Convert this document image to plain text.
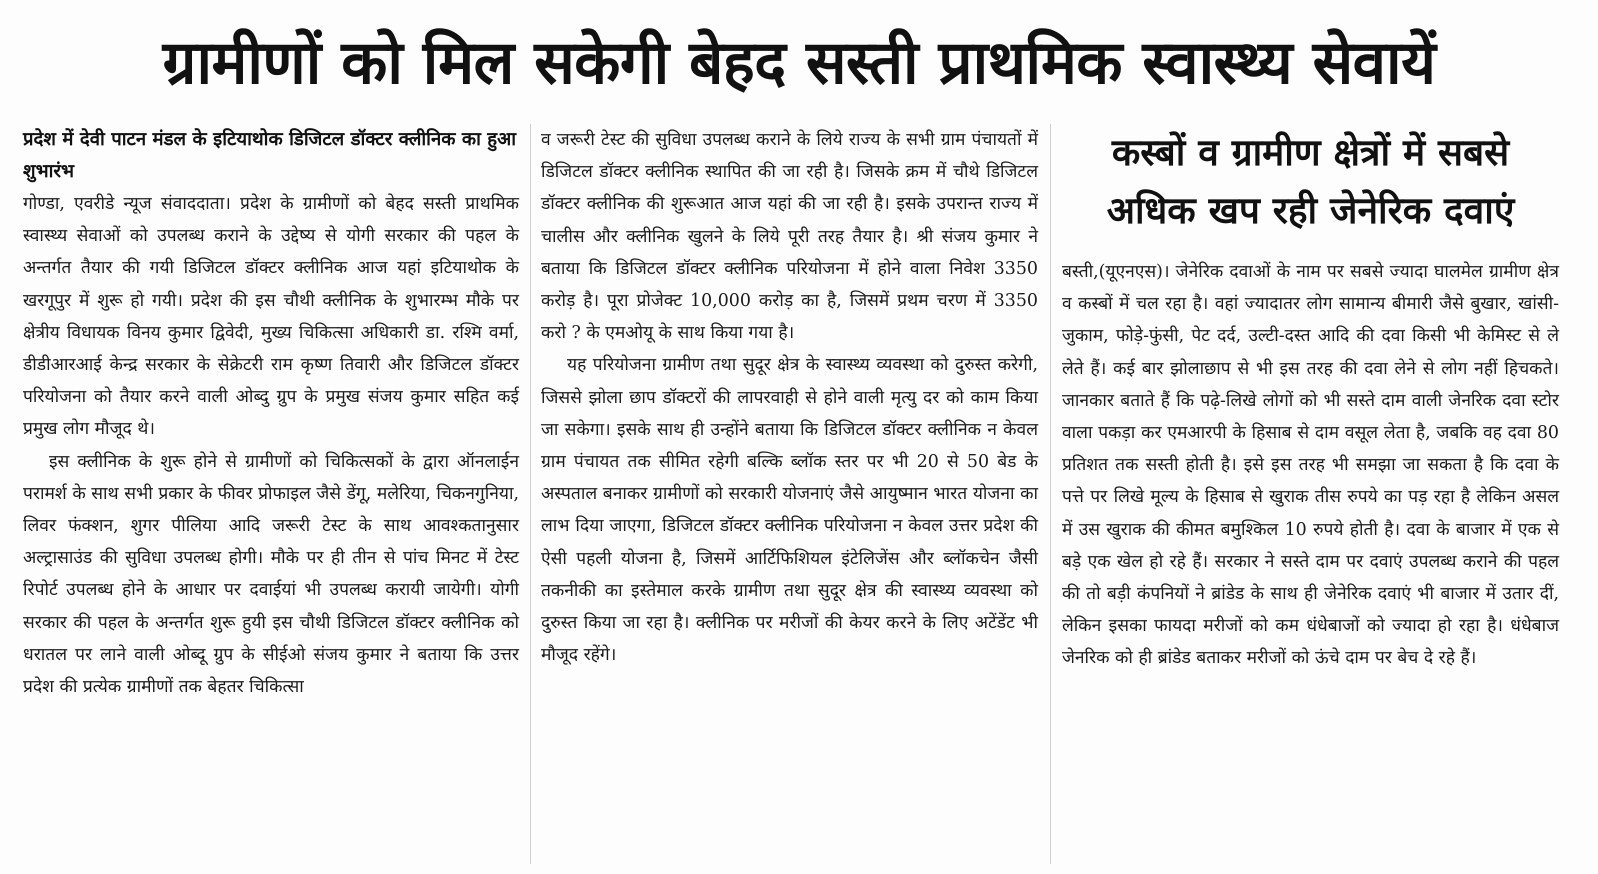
ग्रामीणों को मिल सकेगी बेहद सस्ती प्राथमिक स्वास्थ्य सेवायें
प्रदेश में देवी पाटन मंडल के इटियाथोक डिजिटल डॉक्टर क्लीनिक का हुआ शुभारंभ

गोण्डा, एवरीडे न्यूज संवाददाता। प्रदेश के ग्रामीणों को बेहद सस्ती प्राथमिक स्वास्थ्य सेवाओं को उपलब्ध कराने के उद्देष्य से योगी सरकार की पहल के अन्तर्गत तैयार की गयी डिजिटल डॉक्टर क्लीनिक आज यहां इटियाथोक के खरगूपुर में शुरू हो गयी। प्रदेश की इस चौथी क्लीनिक के शुभारम्भ मौके पर क्षेत्रीय विधायक विनय कुमार द्विवेदी, मुख्य चिकित्सा अधिकारी डा. रश्मि वर्मा, डीडीआरआई केन्द्र सरकार के सेक्रेटरी राम कृष्ण तिवारी और डिजिटल डॉक्टर परियोजना को तैयार करने वाली ओब्दु ग्रुप के प्रमुख संजय कुमार सहित कई प्रमुख लोग मौजूद थे।

इस क्लीनिक के शुरू होने से ग्रामीणों को चिकित्सकों के द्वारा ऑनलाईन परामर्श के साथ सभी प्रकार के फीवर प्रोफाइल जैसे डेंगू, मलेरिया, चिकनगुनिया, लिवर फंक्शन, शुगर पीलिया आदि जरूरी टेस्ट के साथ आवश्कतानुसार अल्ट्रासाउंड की सुविधा उपलब्ध होगी। मौके पर ही तीन से पांच मिनट में टेस्ट रिपोर्ट उपलब्ध होने के आधार पर दवाईयां भी उपलब्ध करायी जायेगी। योगी सरकार की पहल के अन्तर्गत शुरू हुयी इस चौथी डिजिटल डॉक्टर क्लीनिक को धरातल पर लाने वाली ओब्दू ग्रुप के सीईओ संजय कुमार ने बताया कि उत्तर प्रदेश की प्रत्येक ग्रामीणों तक बेहतर चिकित्सा

व जरूरी टेस्ट की सुविधा उपलब्ध कराने के लिये राज्य के सभी ग्राम पंचायतों में डिजिटल डॉक्टर क्लीनिक स्थापित की जा रही है। जिसके क्रम में चौथे डिजिटल डॉक्टर क्लीनिक की शुरूआत आज यहां की जा रही है। इसके उपरान्त राज्य में चालीस और क्लीनिक खुलने के लिये पूरी तरह तैयार है। श्री संजय कुमार ने बताया कि डिजिटल डॉक्टर क्लीनिक परियोजना में होने वाला निवेश 3350 करोड़ है। पूरा प्रोजेक्ट 10,000 करोड़ का है, जिसमें प्रथम चरण में 3350 करो ? के एमओयू के साथ किया गया है।

यह परियोजना ग्रामीण तथा सुदूर क्षेत्र के स्वास्थ्य व्यवस्था को दुरुस्त करेगी, जिससे झोला छाप डॉक्टरों की लापरवाही से होने वाली मृत्यु दर को काम किया जा सकेगा। इसके साथ ही उन्होंने बताया कि डिजिटल डॉक्टर क्लीनिक न केवल ग्राम पंचायत तक सीमित रहेगी बल्कि ब्लॉक स्तर पर भी 20 से 50 बेड के अस्पताल बनाकर ग्रामीणों को सरकारी योजनाएं जैसे आयुष्मान भारत योजना का लाभ दिया जाएगा, डिजिटल डॉक्टर क्लीनिक परियोजना न केवल उत्तर प्रदेश की ऐसी पहली योजना है, जिसमें आर्टिफिशियल इंटेलिजेंस और ब्लॉकचेन जैसी तकनीकी का इस्तेमाल करके ग्रामीण तथा सुदूर क्षेत्र की स्वास्थ्य व्यवस्था को दुरुस्त किया जा रहा है। क्लीनिक पर मरीजों की केयर करने के लिए अटेंडेंट भी मौजूद रहेंगे।

कस्बों व ग्रामीण क्षेत्रों में सबसे अधिक खप रही जेनेरिक दवाएं

बस्ती,(यूएनएस)। जेनेरिक दवाओं के नाम पर सबसे ज्यादा घालमेल ग्रामीण क्षेत्र व कस्बों में चल रहा है। वहां ज्यादातर लोग सामान्य बीमारी जैसे बुखार, खांसी-जुकाम, फोड़े-फुंसी, पेट दर्द, उल्टी-दस्त आदि की दवा किसी भी केमिस्ट से ले लेते हैं। कई बार झोलाछाप से भी इस तरह की दवा लेने से लोग नहीं हिचकते। जानकार बताते हैं कि पढ़े-लिखे लोगों को भी सस्ते दाम वाली जेनरिक दवा स्टोर वाला पकड़ा कर एमआरपी के हिसाब से दाम वसूल लेता है, जबकि वह दवा 80 प्रतिशत तक सस्ती होती है। इसे इस तरह भी समझा जा सकता है कि दवा के पत्ते पर लिखे मूल्य के हिसाब से खुराक तीस रुपये का पड़ रहा है लेकिन असल में उस खुराक की कीमत बमुश्किल 10 रुपये होती है। दवा के बाजार में एक से बड़े एक खेल हो रहे हैं। सरकार ने सस्ते दाम पर दवाएं उपलब्ध कराने की पहल की तो बड़ी कंपनियों ने ब्रांडेड के साथ ही जेनेरिक दवाएं भी बाजार में उतार दीं, लेकिन इसका फायदा मरीजों को कम धंधेबाजों को ज्यादा हो रहा है। धंधेबाज जेनरिक को ही ब्रांडेड बताकर मरीजों को ऊंचे दाम पर बेच दे रहे हैं।
